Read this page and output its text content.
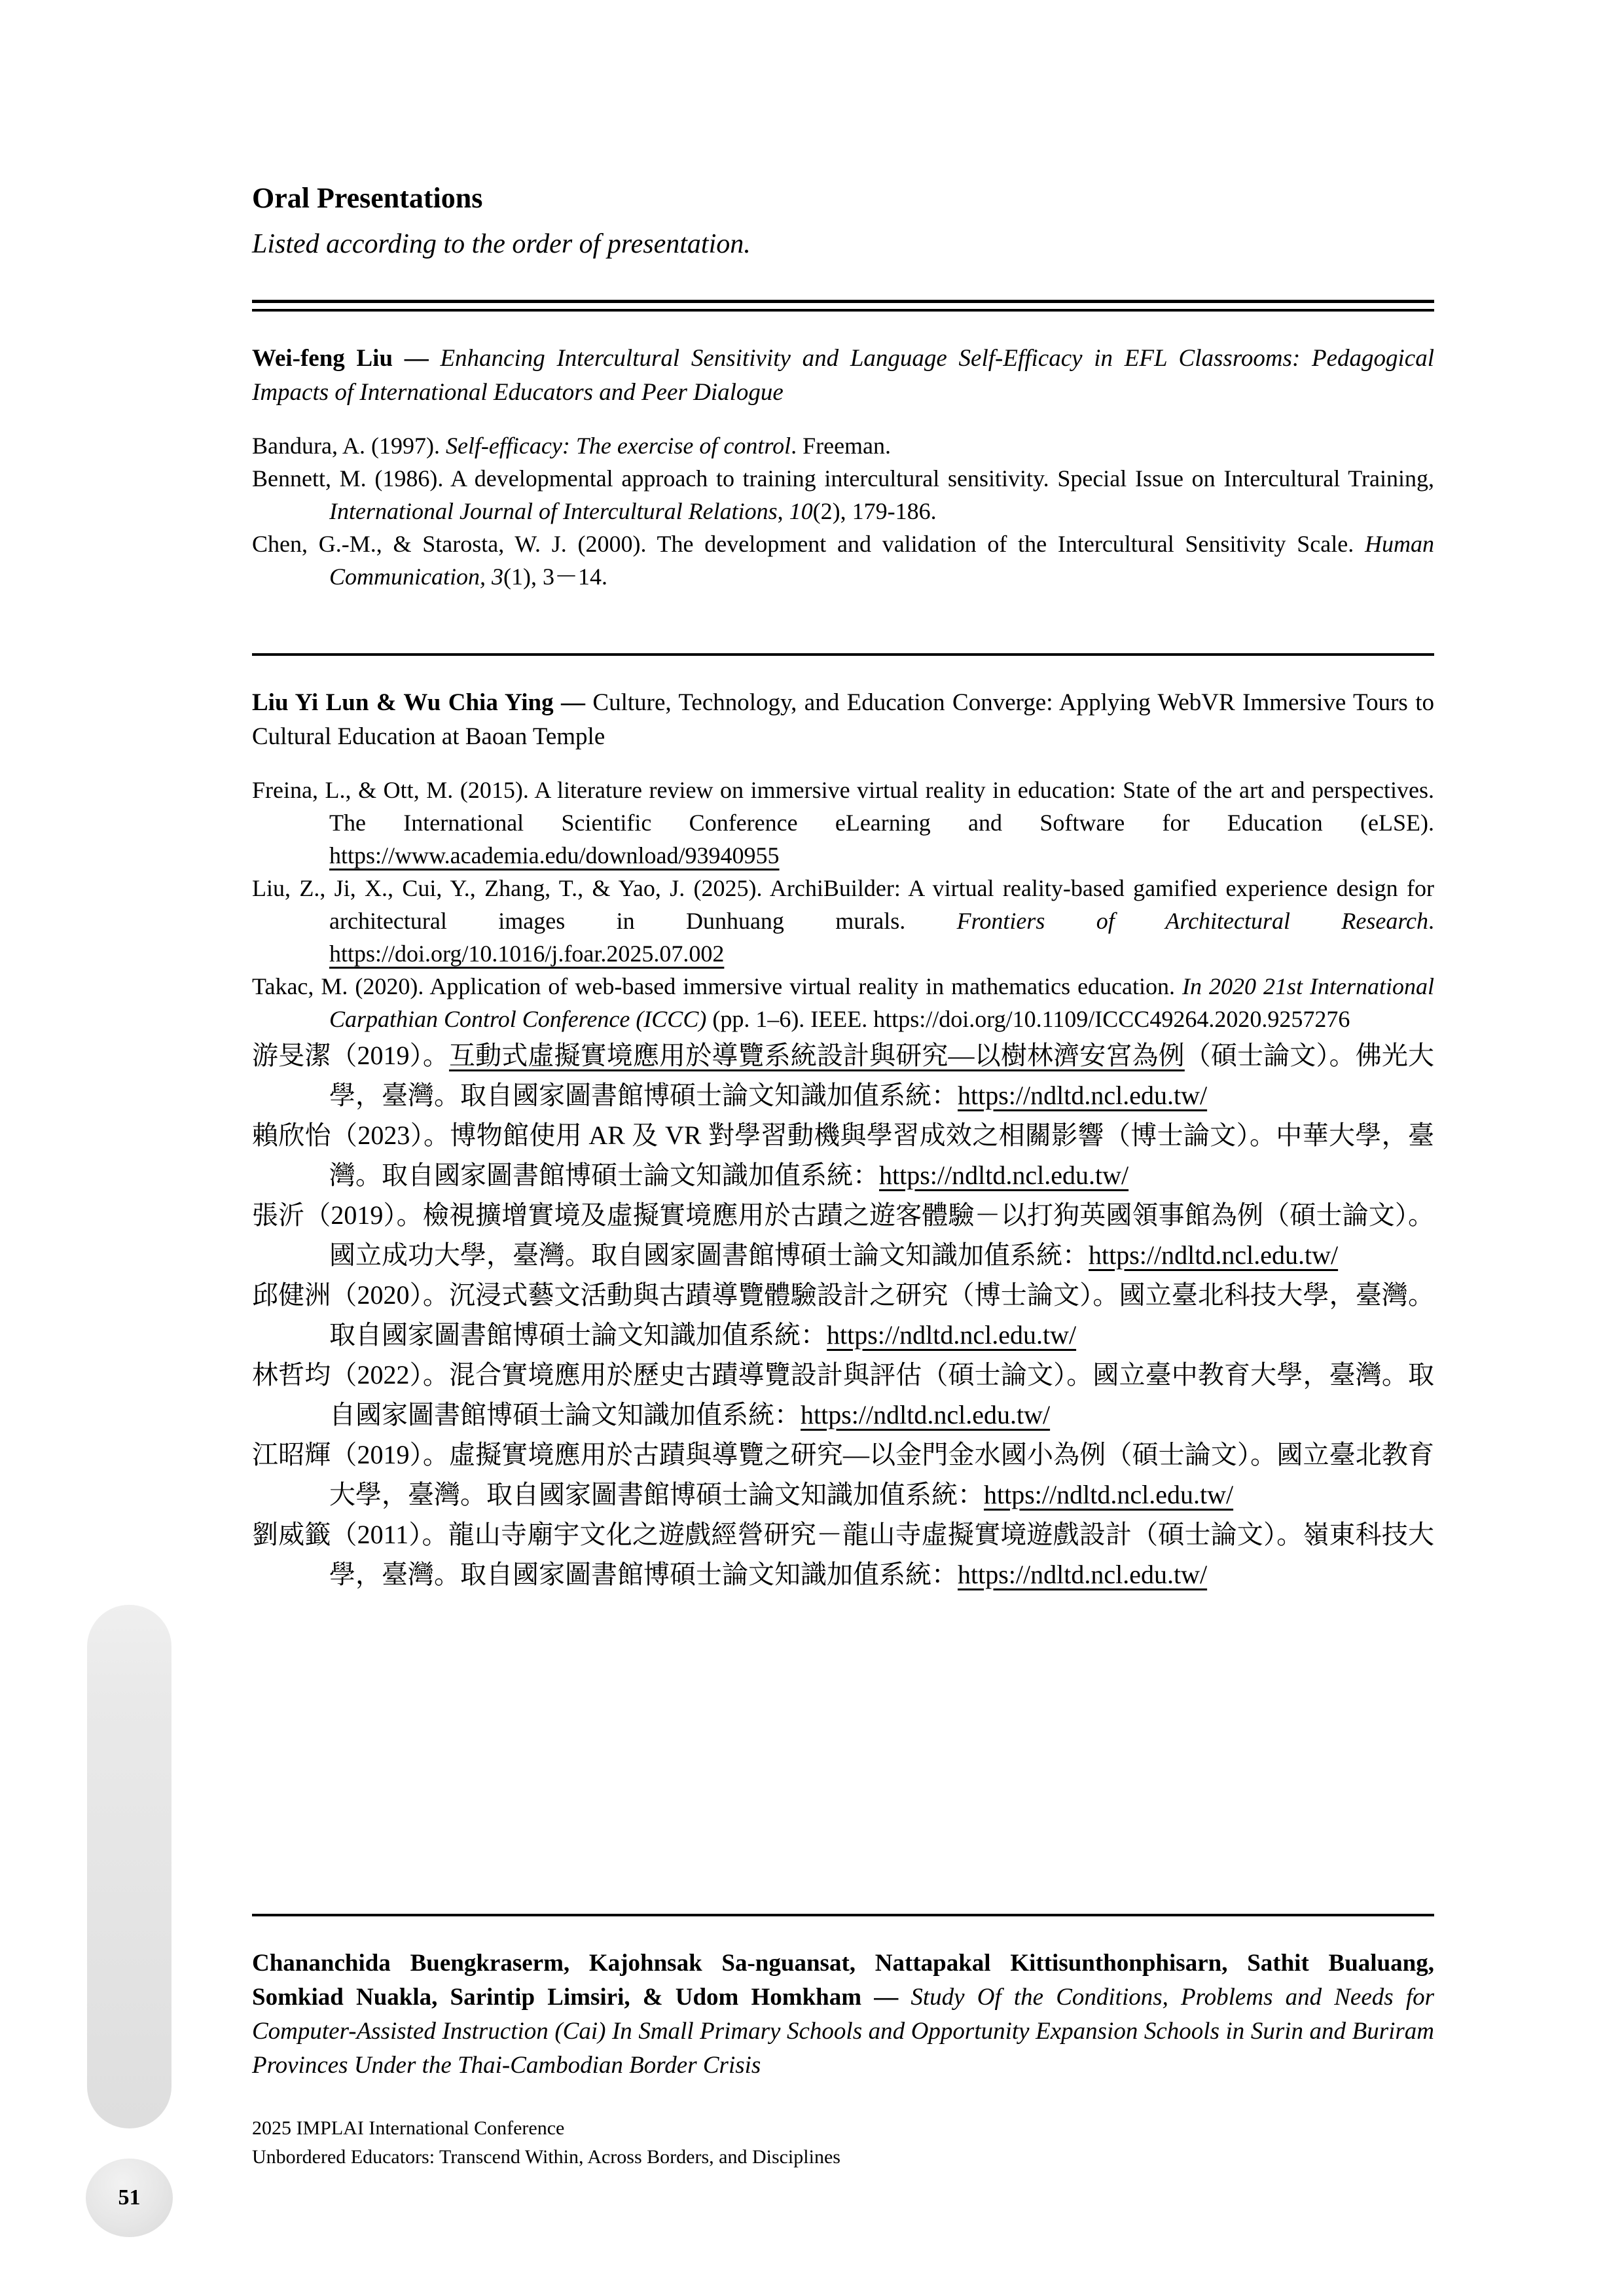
51
Oral Presentations

Listed according to the order of presentation.

Wei-feng Liu — Enhancing Intercultural Sensitivity and Language Self-Efficacy in EFL Classrooms: Pedagogical Impacts of International Educators and Peer Dialogue

Bandura, A. (1997). Self-efficacy: The exercise of control. Freeman.

Bennett, M. (1986). A developmental approach to training intercultural sensitivity. Special Issue on Intercultural Training, International Journal of Intercultural Relations, 10(2), 179-186.

Chen, G.-M., & Starosta, W. J. (2000). The development and validation of the Intercultural Sensitivity Scale. Human Communication, 3(1), 3－14.

Liu Yi Lun & Wu Chia Ying — Culture, Technology, and Education Converge: Applying WebVR Immersive Tours to Cultural Education at Baoan Temple

Freina, L., & Ott, M. (2015). A literature review on immersive virtual reality in education: State of the art and perspectives. The International Scientific Conference eLearning and Software for Education (eLSE). https://www.academia.edu/download/93940955

Liu, Z., Ji, X., Cui, Y., Zhang, T., & Yao, J. (2025). ArchiBuilder: A virtual reality-based gamified experience design for architectural images in Dunhuang murals. Frontiers of Architectural Research. https://doi.org/10.1016/j.foar.2025.07.002

Takac, M. (2020). Application of web-based immersive virtual reality in mathematics education. In 2020 21st International Carpathian Control Conference (ICCC) (pp. 1–6). IEEE. https://doi.org/10.1109/ICCC49264.2020.9257276

游旻潔（2019）。互動式虛擬實境應用於導覽系統設計與研究—以樹林濟安宮為例（碩士論文）。佛光大學，臺灣。取自國家圖書館博碩士論文知識加值系統：https://ndltd.ncl.edu.tw/

賴欣怡（2023）。博物館使用 AR 及 VR 對學習動機與學習成效之相關影響（博士論文）。中華大學，臺灣。取自國家圖書館博碩士論文知識加值系統：https://ndltd.ncl.edu.tw/

張沂（2019）。檢視擴增實境及虛擬實境應用於古蹟之遊客體驗－以打狗英國領事館為例（碩士論文）。國立成功大學，臺灣。取自國家圖書館博碩士論文知識加值系統：https://ndltd.ncl.edu.tw/

邱健洲（2020）。沉浸式藝文活動與古蹟導覽體驗設計之研究（博士論文）。國立臺北科技大學，臺灣。取自國家圖書館博碩士論文知識加值系統：https://ndltd.ncl.edu.tw/

林哲均（2022）。混合實境應用於歷史古蹟導覽設計與評估（碩士論文）。國立臺中教育大學，臺灣。取自國家圖書館博碩士論文知識加值系統：https://ndltd.ncl.edu.tw/

江昭輝（2019）。虛擬實境應用於古蹟與導覽之研究—以金門金水國小為例（碩士論文）。國立臺北教育大學，臺灣。取自國家圖書館博碩士論文知識加值系統：https://ndltd.ncl.edu.tw/

劉威籤（2011）。龍山寺廟宇文化之遊戲經營研究－龍山寺虛擬實境遊戲設計（碩士論文）。嶺東科技大學，臺灣。取自國家圖書館博碩士論文知識加值系統：https://ndltd.ncl.edu.tw/

Chananchida Buengkraserm, Kajohnsak Sa-nguansat, Nattapakal Kittisunthonphisarn, Sathit Bualuang, Somkiad Nuakla, Sarintip Limsiri, & Udom Homkham — Study Of the Conditions, Problems and Needs for Computer-Assisted Instruction (Cai) In Small Primary Schools and Opportunity Expansion Schools in Surin and Buriram Provinces Under the Thai-Cambodian Border Crisis

2025 IMPLAI International Conference

Unbordered Educators: Transcend Within, Across Borders, and Disciplines
